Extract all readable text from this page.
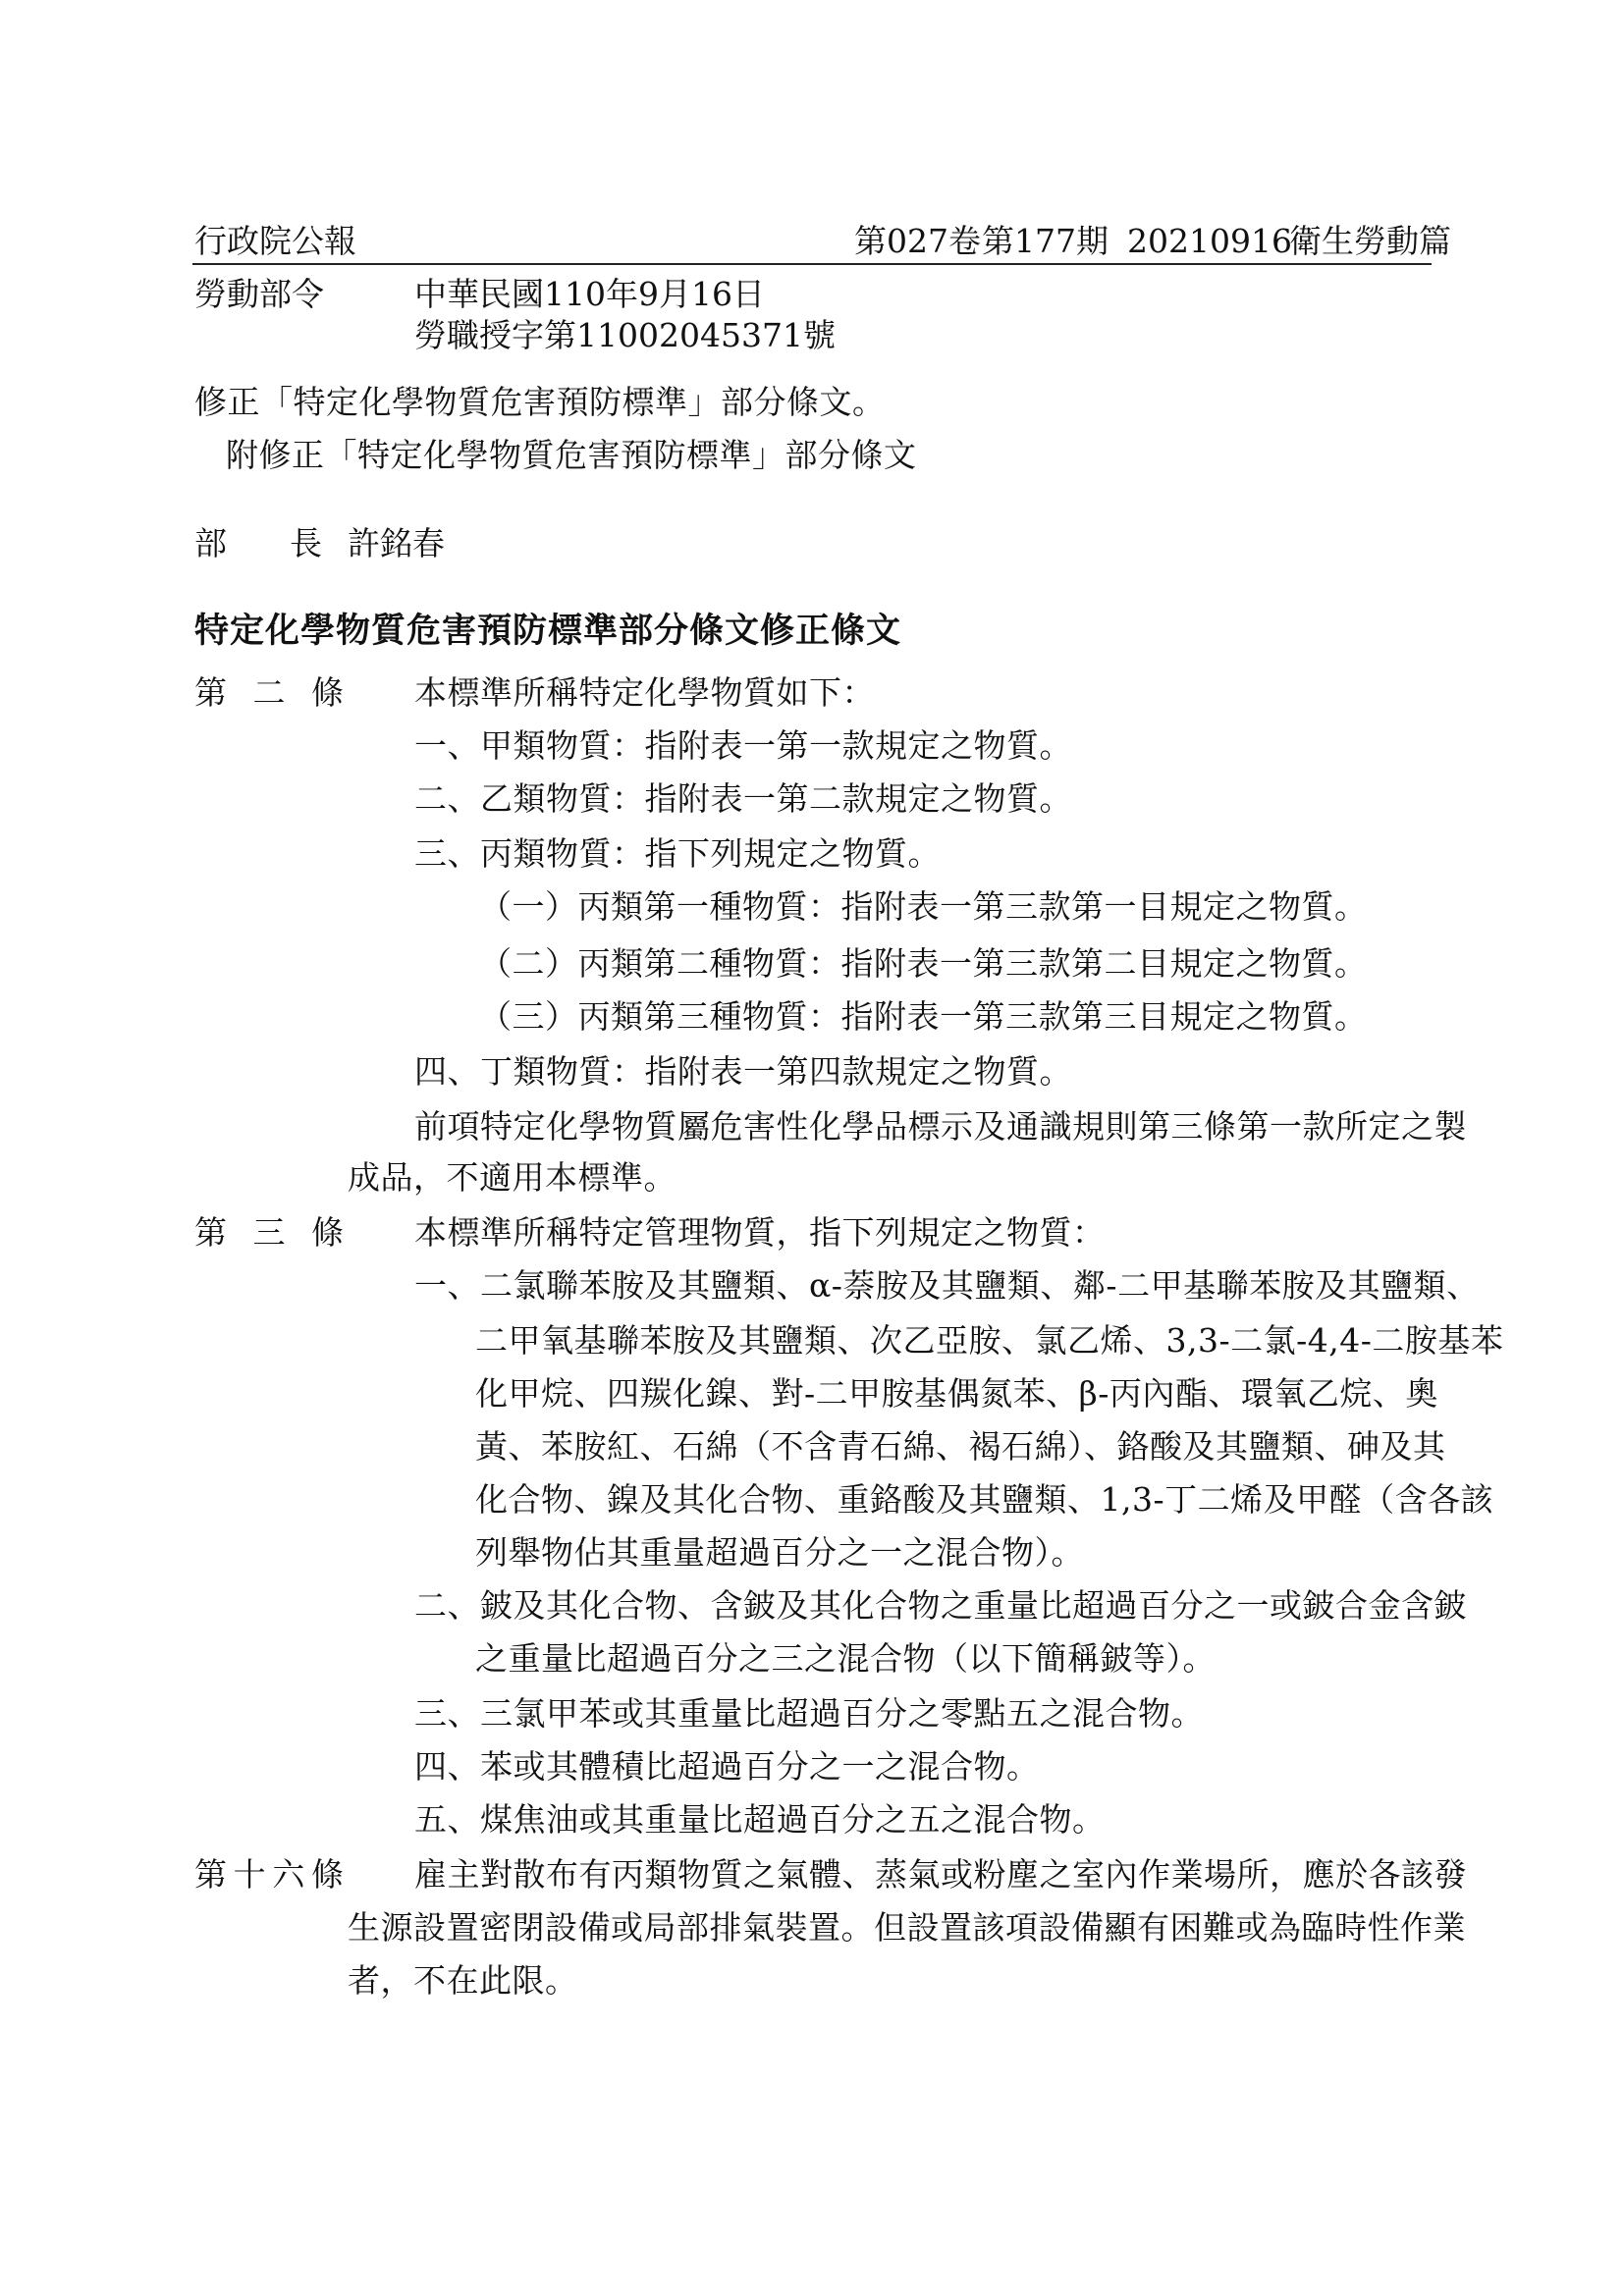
行政院公報	第027卷 第177期 20210916
衛生勞動篇
勞動部令	中華民國110年9月16日
勞職授字第11002045371號
修正「特定化學物質危害預防標準」部分條文。
附修正「特定化學物質危害預防標準」部分條文
部 長 許銘春
特定化學物質危害預防標準部分條文修正條文
第 二 條 本標準所稱特定化學物質如下：
一、甲類物質：指附表一第一款規定之物質。
二、乙類物質：指附表一第二款規定之物質。
三、丙類物質：指下列規定之物質。
（一）丙類第一種物質：指附表一第三款第一目規定之物質。
（二）丙類第二種物質：指附表一第三款第二目規定之物質。
（三）丙類第三種物質：指附表一第三款第三目規定之物質。
四、丁類物質：指附表一第四款規定之物質。
前項特定化學物質屬危害性化學品標示及通識規則第三條第一款所定之製
成品，不適用本標準。
第 三 條 本標準所稱特定管理物質，指下列規定之物質：
一、二氯聯苯胺及其鹽類、α-萘胺及其鹽類、鄰-二甲基聯苯胺及其鹽類、
二甲氧基聯苯胺及其鹽類、次乙亞胺、氯乙烯、3,3-二氯-4,4-二胺基苯
化甲烷、四羰化鎳、對-二甲胺基偶氮苯、β-丙內酯、環氧乙烷、奧
黃、苯胺紅、石綿（不含青石綿、褐石綿）、鉻酸及其鹽類、砷及其
化合物、鎳及其化合物、重鉻酸及其鹽類、1,3-丁二烯及甲醛（含各該
列舉物佔其重量超過百分之一之混合物）。
二、鈹及其化合物、含鈹及其化合物之重量比超過百分之一或鈹合金含鈹
之重量比超過百分之三之混合物（以下簡稱鈹等）。
三、三氯甲苯或其重量比超過百分之零點五之混合物。
四、苯或其體積比超過百分之一之混合物。
五、煤焦油或其重量比超過百分之五之混合物。
第 十 六 條 雇主對散布有丙類物質之氣體、蒸氣或粉塵之室內作業場所，應於各該發
生源設置密閉設備或局部排氣裝置。但設置該項設備顯有困難或為臨時性作業
者，不在此限。
